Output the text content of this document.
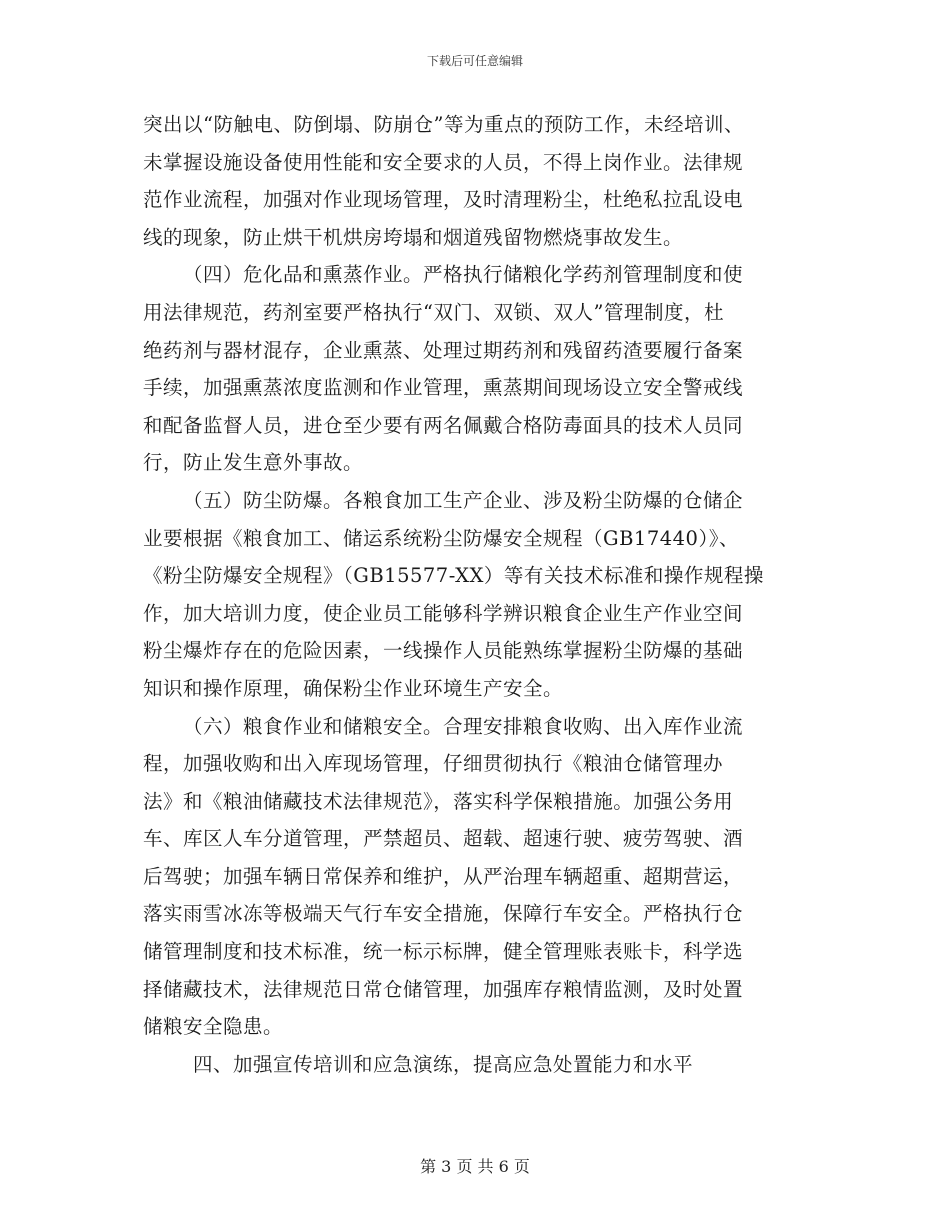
下载后可任意编辑
突出以“防触电、防倒塌、防崩仓”等为重点的预防工作，未经培训、
未掌握设施设备使用性能和安全要求的人员，不得上岗作业。法律规
范作业流程，加强对作业现场管理，及时清理粉尘，杜绝私拉乱设电
线的现象，防止烘干机烘房垮塌和烟道残留物燃烧事故发生。
（四）危化品和熏蒸作业。严格执行储粮化学药剂管理制度和使
用法律规范，药剂室要严格执行“双门、双锁、双人”管理制度，杜
绝药剂与器材混存，企业熏蒸、处理过期药剂和残留药渣要履行备案
手续，加强熏蒸浓度监测和作业管理，熏蒸期间现场设立安全警戒线
和配备监督人员，进仓至少要有两名佩戴合格防毒面具的技术人员同
行，防止发生意外事故。
（五）防尘防爆。各粮食加工生产企业、涉及粉尘防爆的仓储企
业要根据《粮食加工、储运系统粉尘防爆安全规程（GB17440）》、
《粉尘防爆安全规程》（GB15577-XX）等有关技术标准和操作规程操
作，加大培训力度，使企业员工能够科学辨识粮食企业生产作业空间
粉尘爆炸存在的危险因素，一线操作人员能熟练掌握粉尘防爆的基础
知识和操作原理，确保粉尘作业环境生产安全。
（六）粮食作业和储粮安全。合理安排粮食收购、出入库作业流
程，加强收购和出入库现场管理，仔细贯彻执行《粮油仓储管理办
法》和《粮油储藏技术法律规范》，落实科学保粮措施。加强公务用
车、库区人车分道管理，严禁超员、超载、超速行驶、疲劳驾驶、酒
后驾驶；加强车辆日常保养和维护，从严治理车辆超重、超期营运，
落实雨雪冰冻等极端天气行车安全措施，保障行车安全。严格执行仓
储管理制度和技术标准，统一标示标牌，健全管理账表账卡，科学选
择储藏技术，法律规范日常仓储管理，加强库存粮情监测，及时处置
储粮安全隐患。
四、加强宣传培训和应急演练，提高应急处置能力和水平
第 3 页 共 6 页
